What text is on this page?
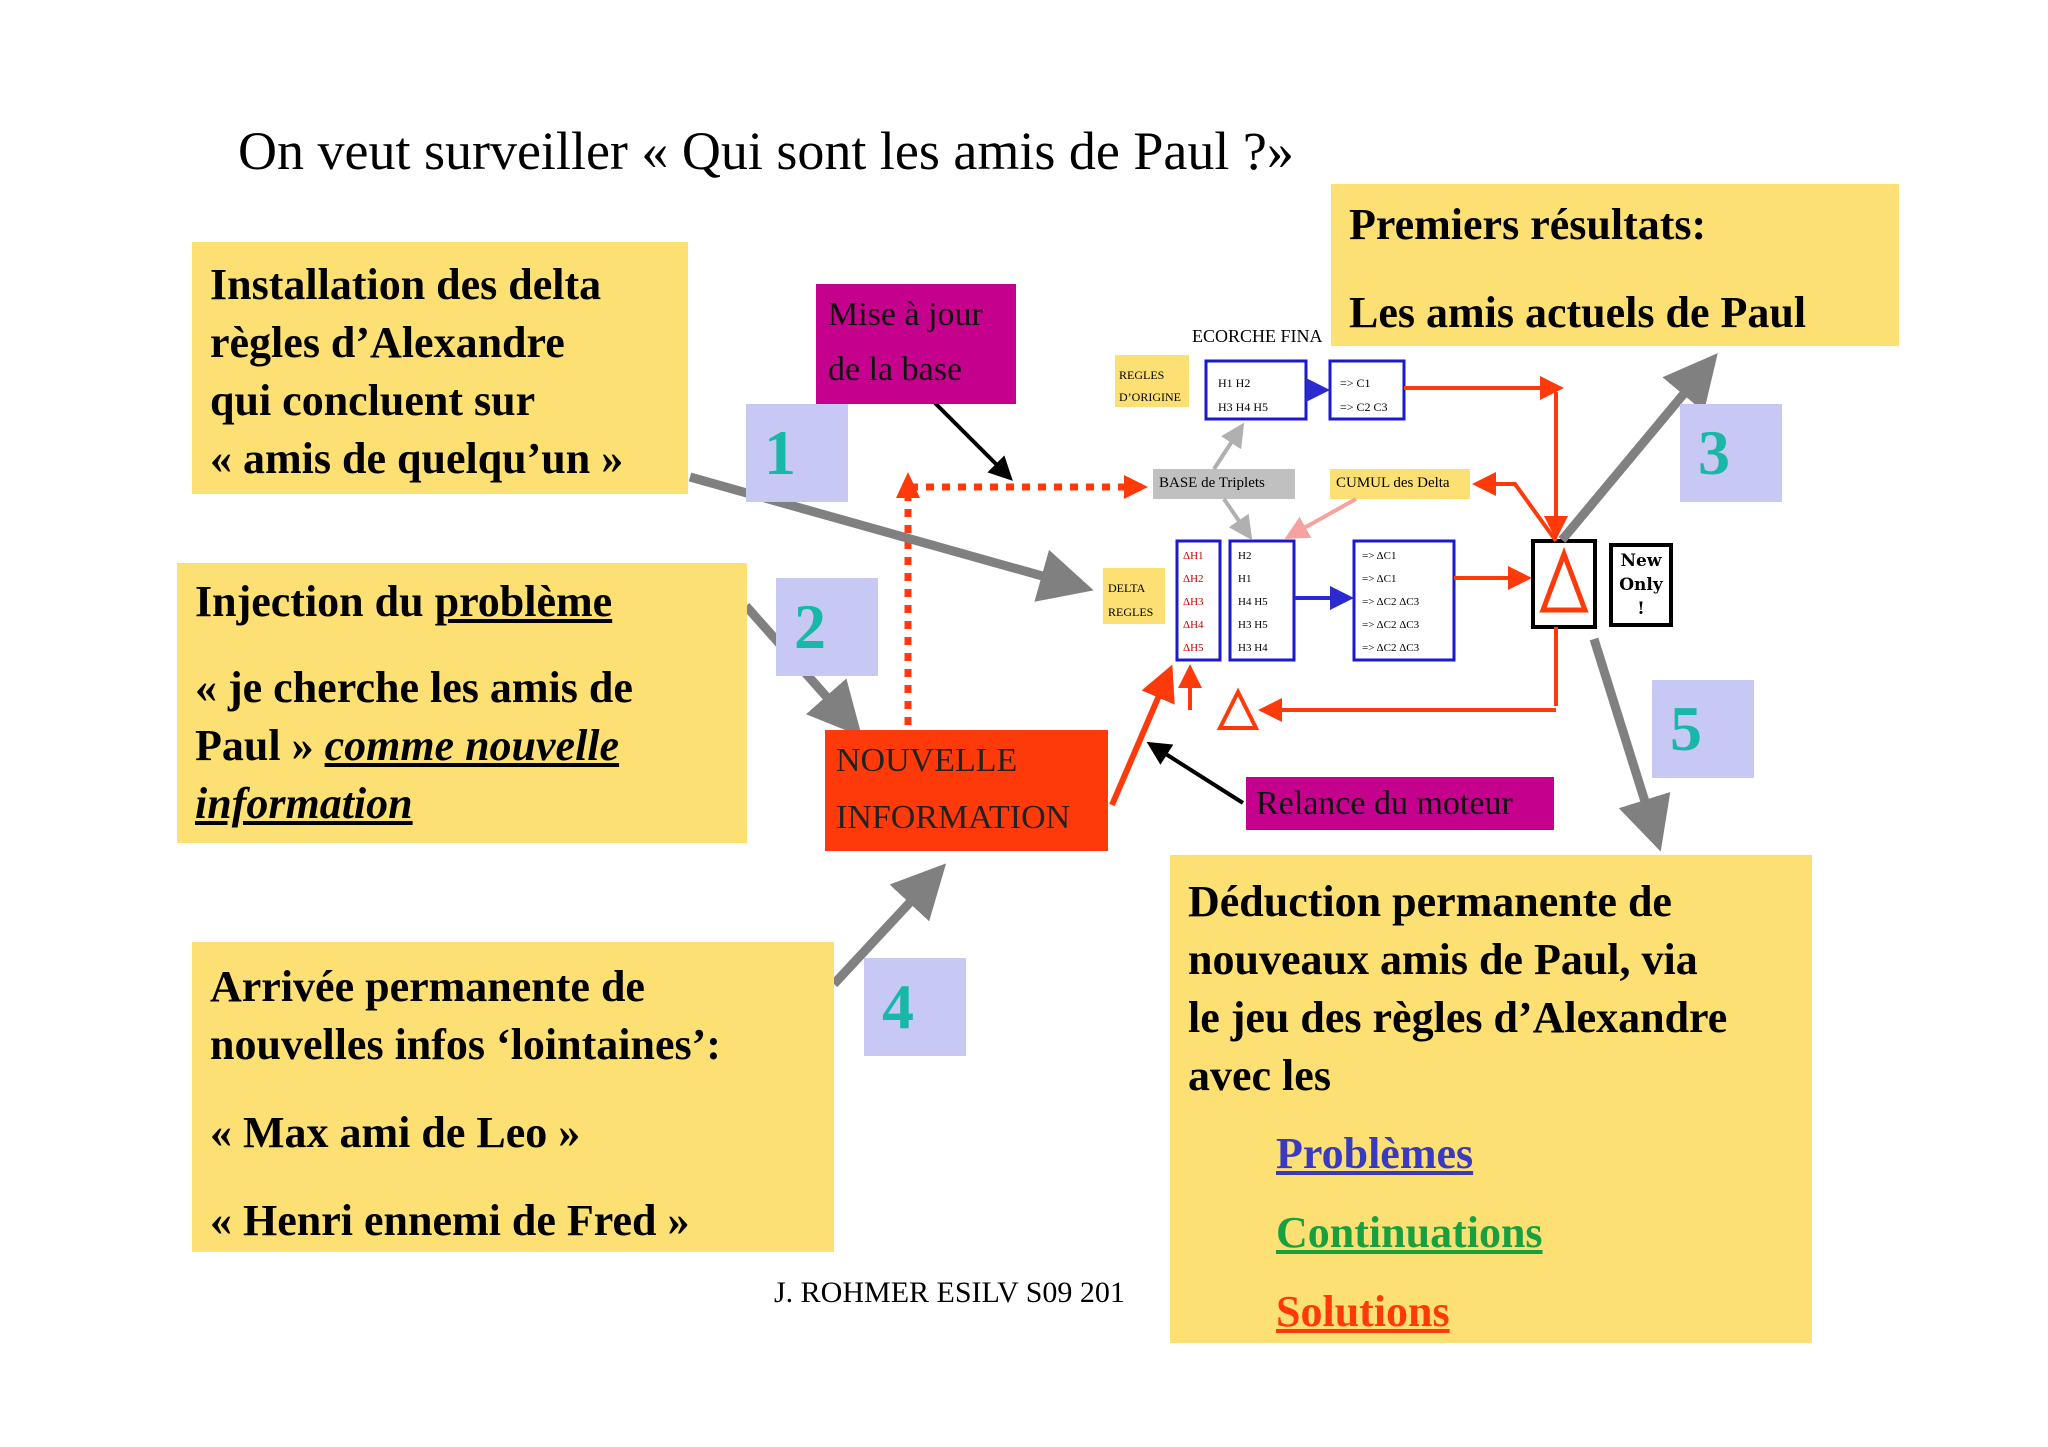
On veut surveiller « Qui sont les amis de Paul ?»
Installation des delta
règles d’Alexandre
qui concluent sur
« amis de quelqu’un »
Injection du problème
« je cherche les amis de
Paul » comme nouvelle
information
Premiers résultats:
Les amis actuels de Paul
Arrivée permanente de
nouvelles infos ‘lointaines’:
« Max ami de Leo »
« Henri ennemi de Fred »
Déduction permanente de
nouveaux amis de Paul, via
le jeu des règles d’Alexandre
avec les
Problèmes
Continuations
Solutions
1
2
3
4
5
Mise à jour
de la base
Relance du moteur
NOUVELLE
INFORMATION
ECORCHE FINA
REGLES
D’ORIGINE
H1 H2
H3 H4 H5
=> C1
=> C2 C3
BASE de Triplets	CUMUL des Delta
DELTA
REGLES
ΔH1
ΔH2
ΔH3
ΔH4
ΔH5
H2
H1
H4 H5
H3 H5
H3 H4
=> ΔC1
=> ΔC1
=> ΔC2 ΔC3
=> ΔC2 ΔC3
=> ΔC2 ΔC3
New
Only
!
J. ROHMER ESILV S09 201
